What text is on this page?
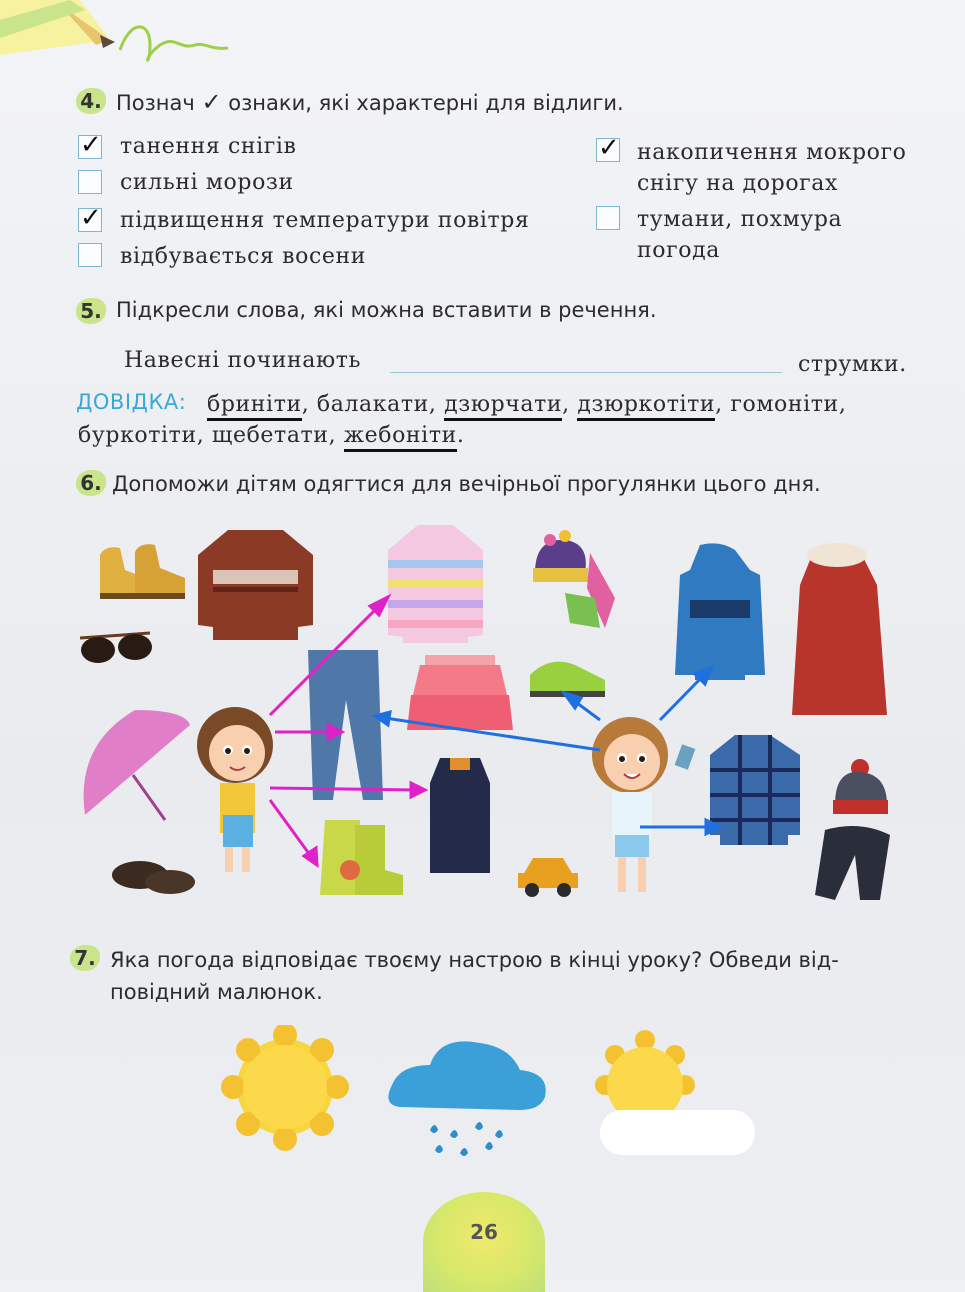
4. Познач ✓ ознаки, які характерні для відлиги.
✓ танення снігів
сильні морози
✓ підвищення температури повітря
відбувається восени
✓ накопичення мокрого
снігу на дорогах
тумани, похмура
погода
5. Підкресли слова, які можна вставити в речення.
Навесні починають	струмки.
ДОВІДКА: бриніти, балакати, дзюрчати, дзюркотіти, гомоніти,
буркотіти, щебетати, жебоніти.
6. Допоможи дітям одягтися для вечірньої прогулянки цього дня.
7. Яка погода відповідає твоєму настрою в кінці уроку? Обведи від-
повідний малюнок.
26
